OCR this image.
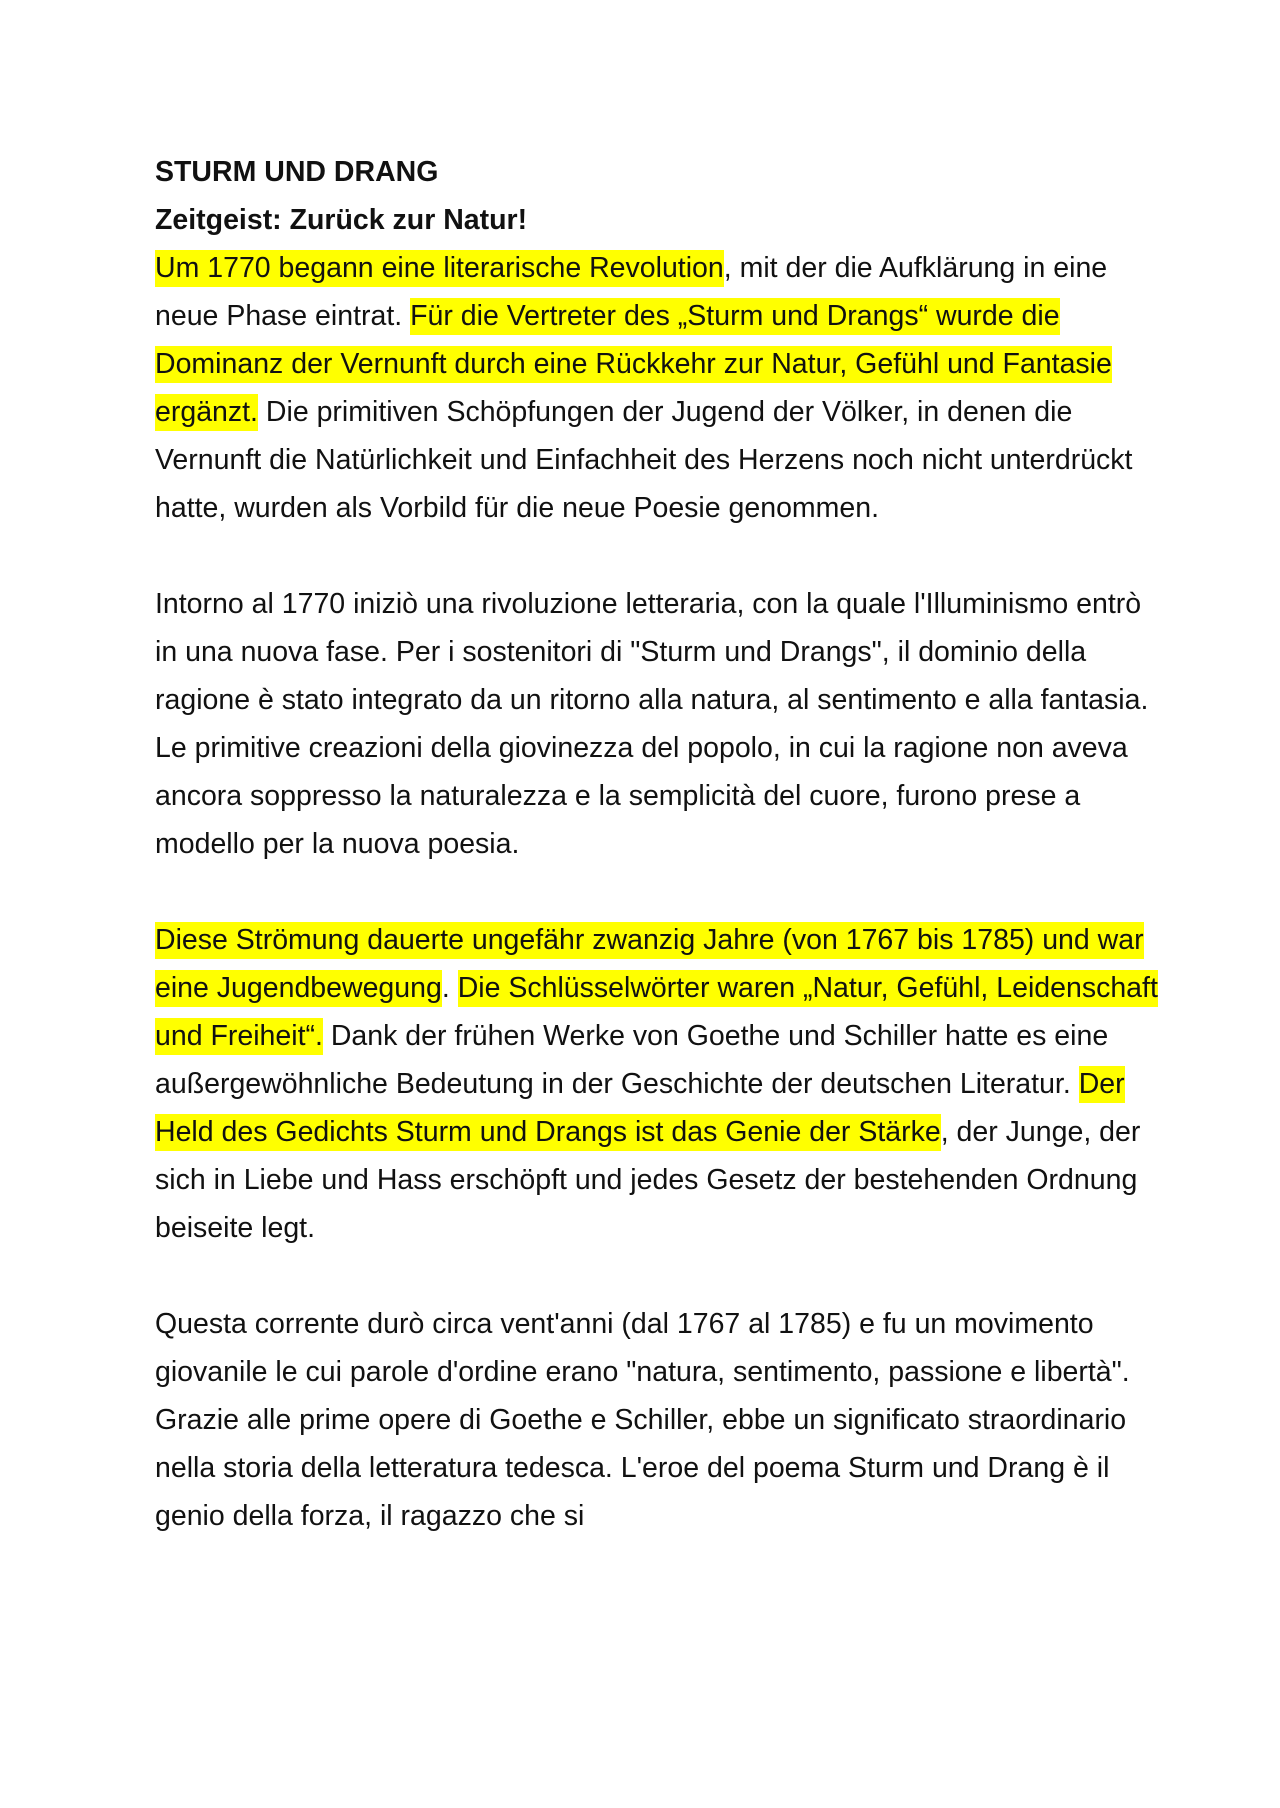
STURM UND DRANG
Zeitgeist: Zurück zur Natur!

Um 1770 begann eine literarische Revolution, mit der die Aufklärung in eine neue Phase eintrat. Für die Vertreter des „Sturm und Drangs“ wurde die Dominanz der Vernunft durch eine Rückkehr zur Natur, Gefühl und Fantasie ergänzt. Die primitiven Schöpfungen der Jugend der Völker, in denen die Vernunft die Natürlichkeit und Einfachheit des Herzens noch nicht unterdrückt hatte, wurden als Vorbild für die neue Poesie genommen.

Intorno al 1770 iniziò una rivoluzione letteraria, con la quale l'Illuminismo entrò in una nuova fase. Per i sostenitori di "Sturm und Drangs", il dominio della ragione è stato integrato da un ritorno alla natura, al sentimento e alla fantasia. Le primitive creazioni della giovinezza del popolo, in cui la ragione non aveva ancora soppresso la naturalezza e la semplicità del cuore, furono prese a modello per la nuova poesia.

Diese Strömung dauerte ungefähr zwanzig Jahre (von 1767 bis 1785) und war eine Jugendbewegung. Die Schlüsselwörter waren „Natur, Gefühl, Leidenschaft und Freiheit“. Dank der frühen Werke von Goethe und Schiller hatte es eine außergewöhnliche Bedeutung in der Geschichte der deutschen Literatur. Der Held des Gedichts Sturm und Drangs ist das Genie der Stärke, der Junge, der sich in Liebe und Hass erschöpft und jedes Gesetz der bestehenden Ordnung beiseite legt.

Questa corrente durò circa vent'anni (dal 1767 al 1785) e fu un movimento giovanile le cui parole d'ordine erano "natura, sentimento, passione e libertà". Grazie alle prime opere di Goethe e Schiller, ebbe un significato straordinario nella storia della letteratura tedesca. L'eroe del poema Sturm und Drang è il genio della forza, il ragazzo che si
